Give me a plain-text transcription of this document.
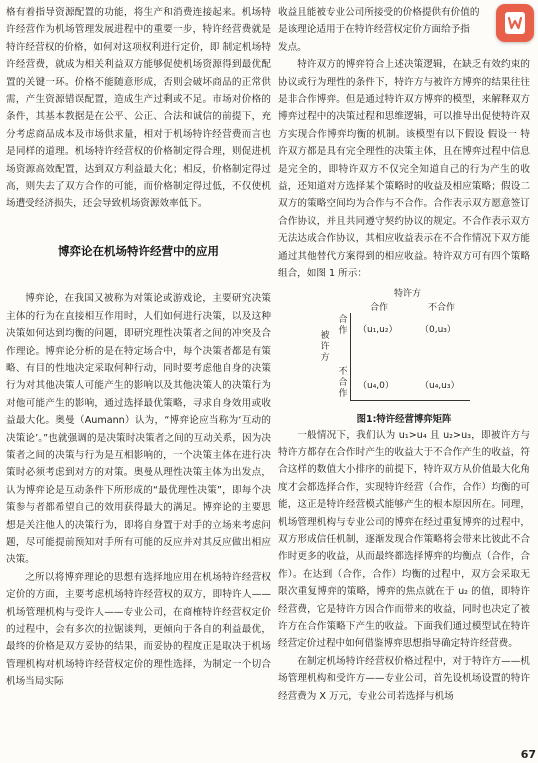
格有着指导资源配置的功能，将生产和消费连接起来。机场特许经营作为机场管理发展进程中的重要一步，特许经营费就是特许经营权的价格，如何对这项权利进行定价，即 制定机场特许经营费，就成为相关利益双方能够促使机场资源得到最优配置的关键一环。价格不能随意形成，否则会破坏商品的正常供需，产生资源错误配置，造成生产过剩或不足。市场对价格的条件，其基本教据是在公平、公正、合法和诚信的前提下，充分考虑商品成本及市场供求量，相对于机场特许经营费而言也是同样的道理。机场特许经营权的价格制定得合理，则促进机场资源高效配置，达到双方利益最大化；相反，价格制定得过高，则失去了双方合作的可能，而价格制定得过低，不仅使机场遭受经济损失，还会导致机场资源效率低下。

博弈论在机场特许经营中的应用

博弈论，在我国又被称为对策论或游戏论，主要研究决策主体的行为在直接相互作用时，人们如何进行决策，以及这种决策如何达到均衡的问题，即研究理性决策者之间的冲突及合作理论。博弈论分析的是在特定场合中，每个决策者都是有策略、有目的性地决定采取何种行动，同时要考虑他自身的决策行为对其他决策人可能产生的影响以及其他决策人的决策行为对他可能产生的影响，通过选择最优策略，寻求自身效用或收益最大化。奥曼（Aumann）认为，“博弈论应当称为‘互动的决策论’。”也就强调的是决策时决策者之间的互动关系，因为决策者之间的决策与行为是互相影响的，一个决策主体在进行决策时必须考虑到对方的对策。奥曼从理性决策主体为出发点，认为博弈论是互动条件下所形成的“最优理性决策”，即每个决策参与者都希望自己的效用获得最大的满足。博弈论的主要思想是关注他人的决策行为，即将自身置于对手的立场来考虑问题，尽可能提前预知对手所有可能的反应并对其反应做出相应决策。

之所以将博弈理论的思想有选择地应用在机场特许经营权定价的方面，主要考虑机场特许经营权的双方，即特许人——机场管理机构与受许人——专业公司，在商榷特许经营权定价的过程中，会有多次的拉锯谈判，更倾向于各自的利益最优，最终的价格是双方妥协的结果，而妥协的程度正是取决于机场管理机构对机场特许经营权定价的理性选择，为制定一个切合机场当局实际

收益且能被专业公司所接受的价格提供有价值的
是该理论适用于在特许经营权定价方面给予指
发点。

特许双方的博弈符合上述决策逻辑，在缺乏有效约束的协议或行为理性的条件下，特许方与被许方博弈的结果往往是非合作博弈。但是通过特许双方博弈的模型，来解释双方博弈过程中的决策过程和思维逻辑，可以推导出促使特许双方实现合作博弈均衡的机制。该模型有以下假设 假设一 特许双方都是具有完全理性的决策主体，且在博弈过程中信息是完全的，即特许双方不仅完全知道自己的行为产生的收益，还知道对方选择某个策略时的收益及相应策略；假设二 双方的策略空间均为合作与不合作。合作表示双方愿意签订合作协议，并且共同遵守契约协议的规定。不合作表示双方无法达成合作协议，其相应收益表示在不合作情况下双方能通过其他替代方案得到的相应收益。特许双方可有四个策略组合，如图 1 所示：

特许方
合作	不合作
被许方
合作
不合作
（u₁,u₂）	（0,u₃）
（u₄,0）	（u₄,u₃）
图1:特许经营博弈矩阵

一般情况下，我们认为 u₁>u₄ 且 u₂>u₃，即被许方与特许方都存在合作时产生的收益大于不合作产生的收益，符合这样的数值大小排序的前提下，特许双方从价值最大化角度才会都选择合作，实现特许经营（合作，合作）均衡的可能，这正是特许经营模式能够产生的根本原因所在。同理，机场管理机构与专业公司的博弈在经过重复博弈的过程中，双方形成信任机制，逐渐发现合作策略将会带来比彼此不合作时更多的收益，从而最终都选择博弈的均衡点（合作，合作）。在达到（合作，合作）均衡的过程中，双方会采取无限次重复博弈的策略，博弈的焦点就在于 u₂ 的值，即特许经营费，它是特许方因合作而带来的收益，同时也决定了被许方在合作策略下产生的收益。下面我们通过模型试在特许经营定价过程中如何借鉴博弈思想指导确定特许经营费。

在制定机场特许经营权价格过程中，对于特许方——机场管理机构和受许方——专业公司，首先设机场设置的特许经营费为 X 万元，专业公司若选择与机场

67
